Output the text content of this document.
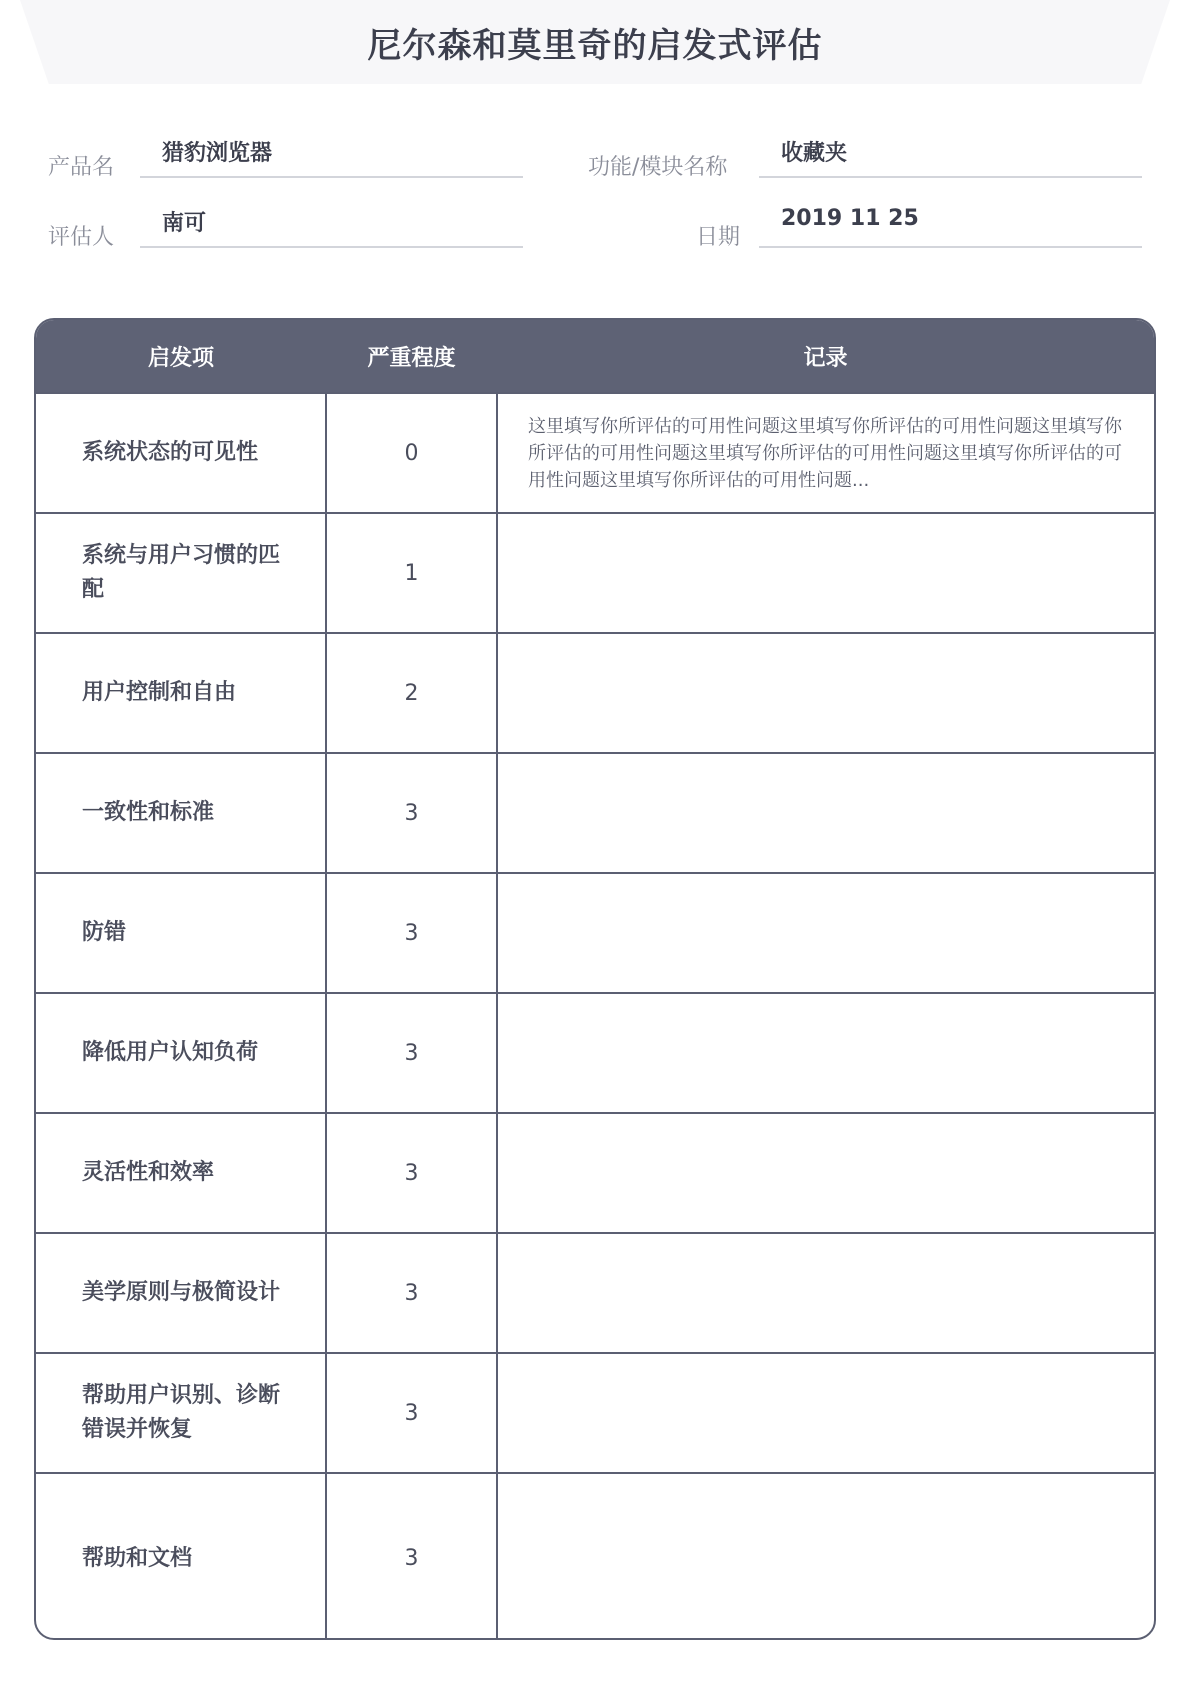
尼尔森和莫里奇的启发式评估
产品名
猎豹浏览器
功能/模块名称
收藏夹
评估人
南可
日期
2019 11 25
启发项	严重程度	记录
系统状态的可见性	0	这里填写你所评估的可用性问题这里填写你所评估的可用性问题这里填写你所评估的可用性问题这里填写你所评估的可用性问题这里填写你所评估的可用性问题这里填写你所评估的可用性问题...
系统与用户习惯的匹配	1	
用户控制和自由	2	
一致性和标准	3	
防错	3	
降低用户认知负荷	3	
灵活性和效率	3	
美学原则与极简设计	3	
帮助用户识别、诊断错误并恢复	3	
帮助和文档	3	
